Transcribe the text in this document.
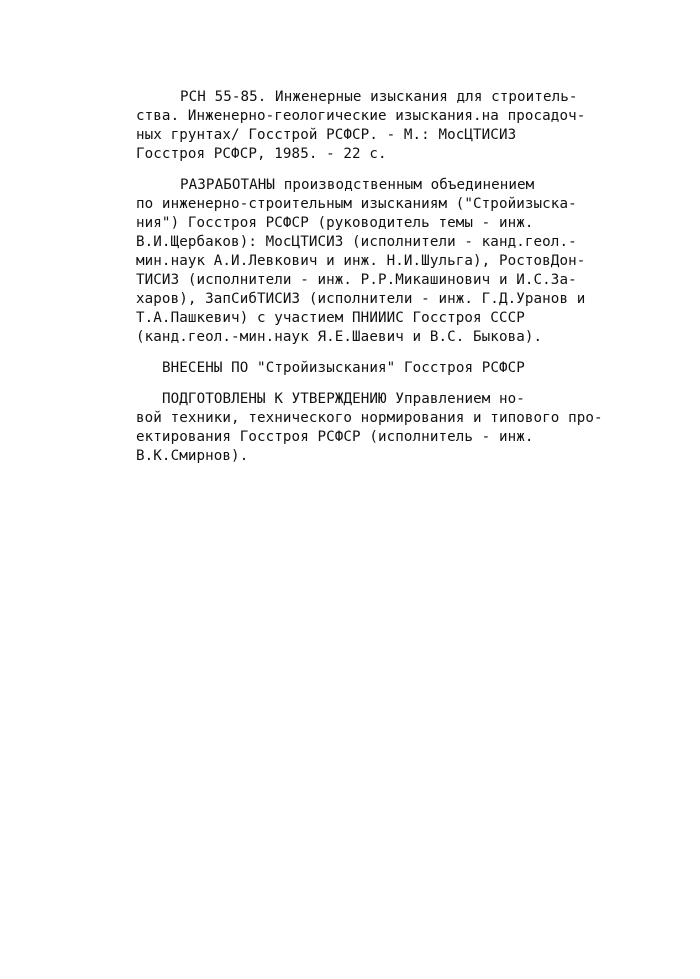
РСН 55-85. Инженерные изыскания для строитель-
ства. Инженерно-геологические изыскания.на просадоч-
ных грунтах/ Госстрой РСФСР. - М.: МосЦТИСИЗ
Госстроя РСФСР, 1985. - 22 с.

РАЗРАБОТАНЫ производственным объединением
по инженерно-строительным изысканиям ("Стройизыска-
ния") Госстроя РСФСР (руководитель темы - инж.
В.И.Щербаков): МосЦТИСИЗ (исполнители - канд.геол.-
мин.наук А.И.Левкович и инж. Н.И.Шульга), РостовДон-
ТИСИЗ (исполнители - инж. Р.Р.Микашинович и И.С.За-
харов), ЗапСибТИСИЗ (исполнители - инж. Г.Д.Уранов и
Т.А.Пашкевич) с участием ПНИИИС Госстроя СССР
(канд.геол.-мин.наук Я.Е.Шаевич и В.С. Быкова).

ВНЕСЕНЫ ПО "Стройизыскания" Госстроя РСФСР

ПОДГОТОВЛЕНЫ К УТВЕРЖДЕНИЮ Управлением но-
вой техники, технического нормирования и типового про-
ектирования Госстроя РСФСР (исполнитель - инж.
В.К.Смирнов).
